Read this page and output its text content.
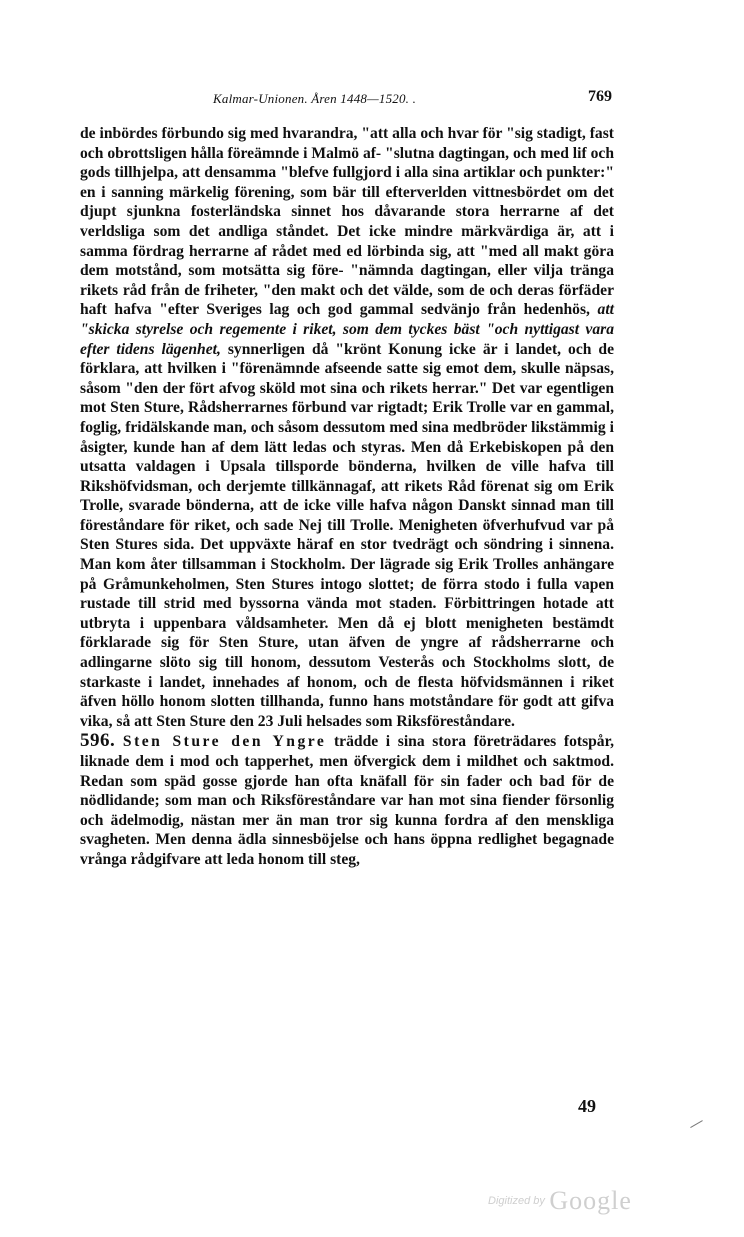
Kalmar-Unionen. Åren 1448—1520. .	769

de inbördes förbundo sig med hvarandra, "att alla och hvar för "sig stadigt, fast och obrottsligen hålla föreämnde i Malmö af- "slutna dagtingan, och med lif och gods tillhjelpa, att densamma "blefve fullgjord i alla sina artiklar och punkter:" en i sanning märkelig förening, som bär till efterverlden vittnesbördet om det djupt sjunkna fosterländska sinnet hos dåvarande stora herrarne af det verldsliga som det andliga ståndet. Det icke mindre märkvärdiga är, att i samma fördrag herrarne af rådet med ed lörbinda sig, att "med all makt göra dem motstånd, som motsätta sig före- "nämnda dagtingan, eller vilja tränga rikets råd från de friheter, "den makt och det välde, som de och deras förfäder haft hafva "efter Sveriges lag och god gammal sedvänjo från hedenhös, att "skicka styrelse och regemente i riket, som dem tyckes bäst "och nyttigast vara efter tidens lägenhet, synnerligen då "krönt Konung icke är i landet, och de förklara, att hvilken i "förenämnde afseende satte sig emot dem, skulle näpsas, såsom "den der fört afvog sköld mot sina och rikets herrar." Det var egentligen mot Sten Sture, Rådsherrarnes förbund var rigtadt; Erik Trolle var en gammal, foglig, fridälskande man, och såsom dessutom med sina medbröder likstämmig i åsigter, kunde han af dem lätt ledas och styras. Men då Erkebiskopen på den utsatta valdagen i Upsala tillsporde bönderna, hvilken de ville hafva till Rikshöfvidsman, och derjemte tillkännagaf, att rikets Råd förenat sig om Erik Trolle, svarade bönderna, att de icke ville hafva någon Danskt sinnad man till föreståndare för riket, och sade Nej till Trolle. Menigheten öfverhufvud var på Sten Stures sida. Det uppväxte häraf en stor tvedrägt och söndring i sinnena. Man kom åter tillsamman i Stockholm. Der lägrade sig Erik Trolles anhängare på Gråmunkeholmen, Sten Stures intogo slottet; de förra stodo i fulla vapen rustade till strid med byssorna vända mot staden. Förbittringen hotade att utbryta i uppenbara våldsamheter. Men då ej blott menigheten bestämdt förklarade sig för Sten Sture, utan äfven de yngre af rådsherrarne och adlingarne slöto sig till honom, dessutom Vesterås och Stockholms slott, de starkaste i landet, innehades af honom, och de flesta höfvidsmännen i riket äfven höllo honom slotten tillhanda, funno hans motståndare för godt att gifva vika, så att Sten Sture den 23 Juli helsades som Riksföreståndare.

596. Sten Sture den Yngre trädde i sina stora företrädares fotspår, liknade dem i mod och tapperhet, men öfvergick dem i mildhet och saktmod. Redan som späd gosse gjorde han ofta knäfall för sin fader och bad för de nödlidande; som man och Riksföreståndare var han mot sina fiender försonlig och ädelmodig, nästan mer än man tror sig kunna fordra af den menskliga svagheten. Men denna ädla sinnesböjelse och hans öppna redlighet begagnade vrånga rådgifvare att leda honom till steg,

49
Digitized by Google
